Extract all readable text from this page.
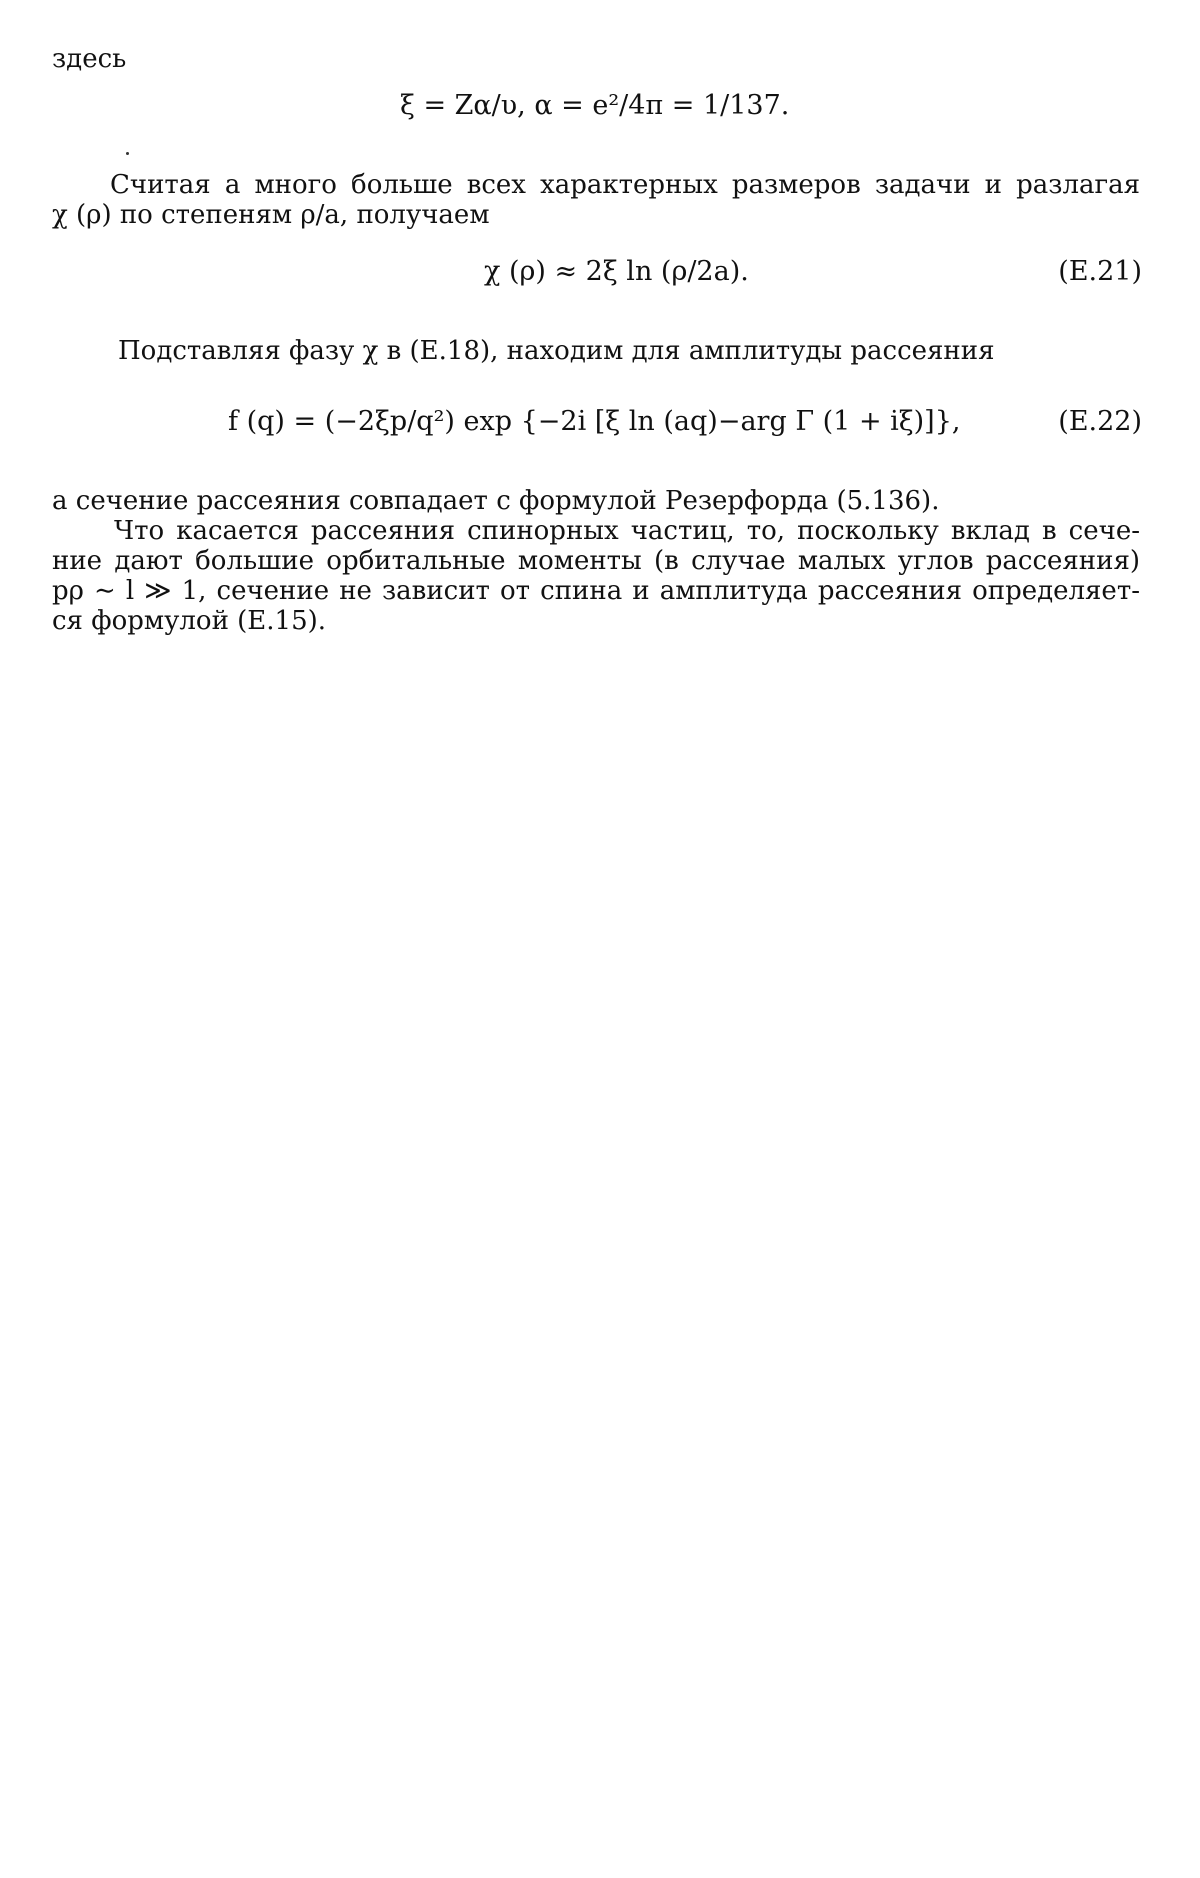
здесь
ξ = Zα/υ, α = e²/4π = 1/137.
Считая a много больше всех характерных размеров задачи и разлагая
χ (ρ) по степеням ρ/a, получаем
χ (ρ) ≈ 2ξ ln (ρ/2a).	(Е.21)
Подставляя фазу χ в (Е.18), находим для амплитуды рассеяния
f (q) = (−2ξp/q²) exp {−2i [ξ ln (aq)−arg Γ (1 + iξ)]},	(Е.22)
а сечение рассеяния совпадает с формулой Резерфорда (5.136).
Что касается рассеяния спинорных частиц, то, поскольку вклад в сече-
ние дают большие орбитальные моменты (в случае малых углов рассеяния)
pρ ∼ l ≫ 1, сечение не зависит от спина и амплитуда рассеяния определяет-
ся формулой (Е.15).
